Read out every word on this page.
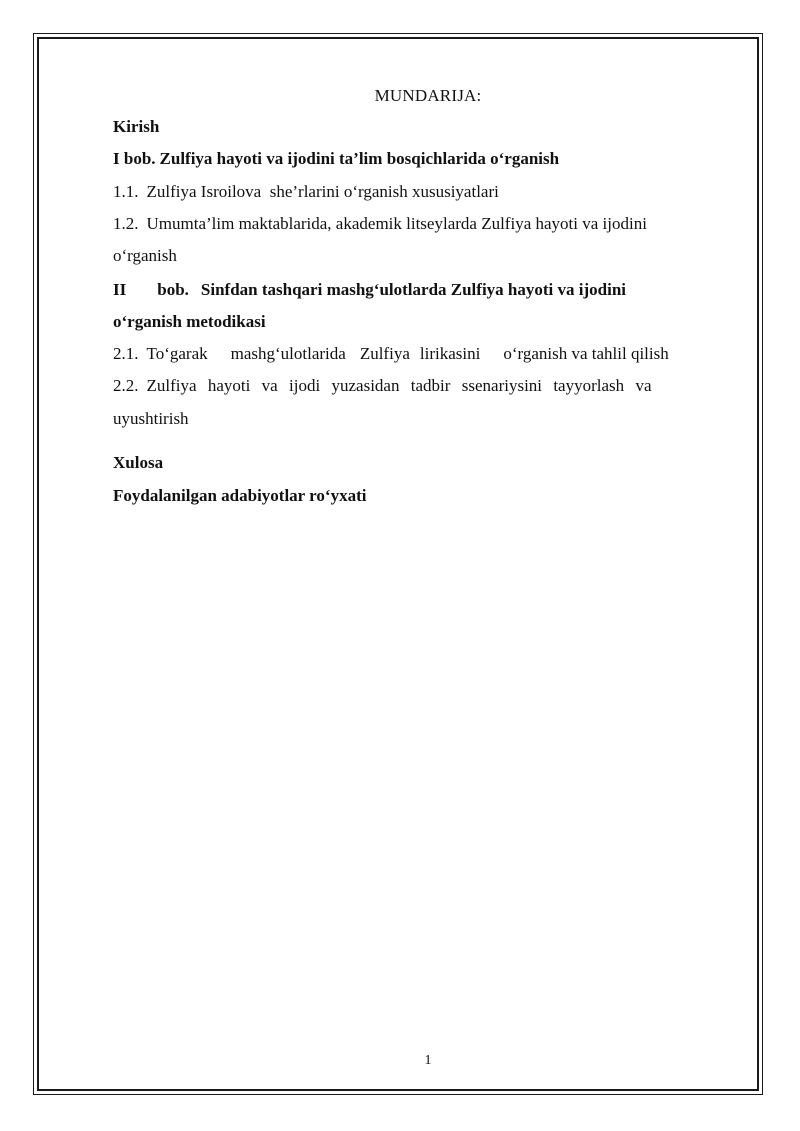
MUNDARIJA:
Kirish
I bob. Zulfiya hayoti va ijodini ta’lim bosqichlarida o‘rganish
1.1. Zulfiya Isroilova  she’rlarini o‘rganish xususiyatlari
1.2. Umumta’lim maktablarida, akademik litseylarda Zulfiya hayoti va ijodini
o‘rganish
II bob. Sinfdan tashqari mashg‘ulotlarda Zulfiya hayoti va ijodini
o‘rganish metodikasi
2.1. To‘garak mashg‘ulotlarida Zulfiya lirikasini o‘rganish va tahlil qilish
2.2. Zulfiya hayoti va ijodi yuzasidan tadbir ssenariysini tayyorlash va
uyushtirish
Xulosa
Foydalanilgan adabiyotlar ro‘yxati
1
